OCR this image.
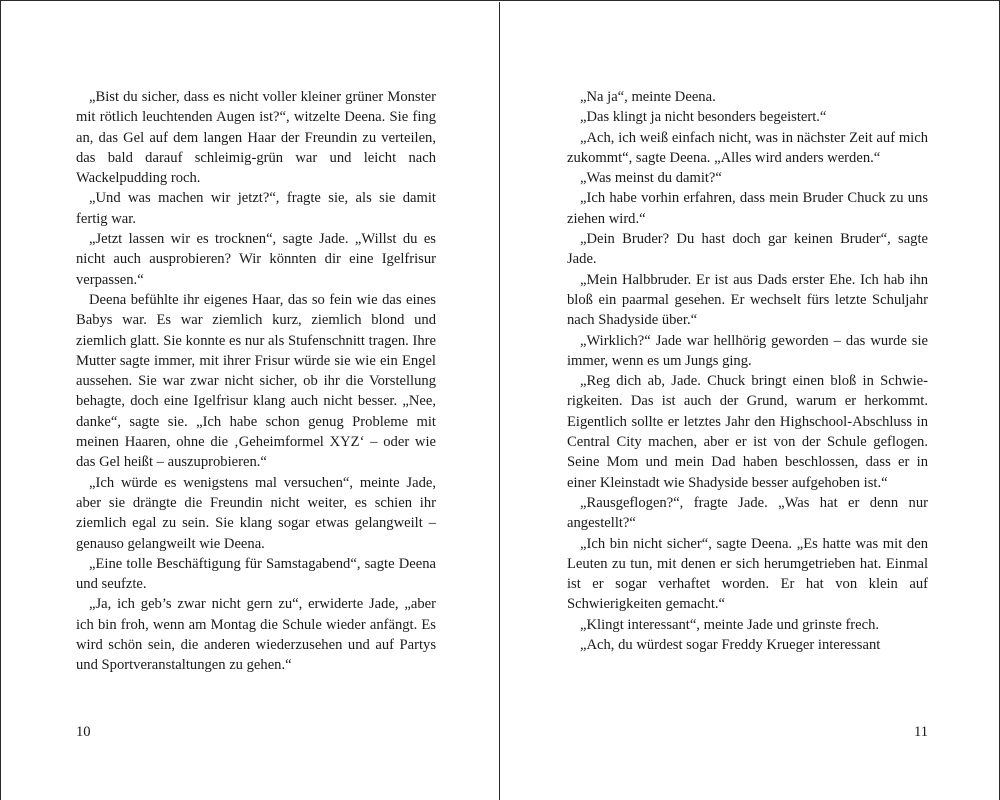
„Bist du sicher, dass es nicht voller kleiner grüner Monster mit rötlich leuchtenden Augen ist?“, witzelte Deena. Sie fing an, das Gel auf dem langen Haar der Freundin zu verteilen, das bald darauf schleimig-grün war und leicht nach Wackelpudding roch.

„Und was machen wir jetzt?“, fragte sie, als sie damit fertig war.

„Jetzt lassen wir es trocknen“, sagte Jade. „Willst du es nicht auch ausprobieren? Wir könnten dir eine Igelfrisur verpassen.“

Deena befühlte ihr eigenes Haar, das so fein wie das eines Babys war. Es war ziemlich kurz, ziemlich blond und ziemlich glatt. Sie konnte es nur als Stufenschnitt tragen. Ihre Mutter sagte immer, mit ihrer Frisur würde sie wie ein Engel aussehen. Sie war zwar nicht sicher, ob ihr die Vorstellung behagte, doch eine Igelfrisur klang auch nicht besser. „Nee, danke“, sagte sie. „Ich habe schon genug Probleme mit meinen Haaren, ohne die ‚Geheimformel XYZ‘ – oder wie das Gel heißt – auszuprobieren.“

„Ich würde es wenigstens mal versuchen“, meinte Jade, aber sie drängte die Freundin nicht weiter, es schien ihr ziemlich egal zu sein. Sie klang sogar etwas gelangweilt – genauso gelangweilt wie Deena.

„Eine tolle Beschäftigung für Samstagabend“, sagte Deena und seufzte.

„Ja, ich geb’s zwar nicht gern zu“, erwiderte Jade, „aber ich bin froh, wenn am Montag die Schule wieder anfängt. Es wird schön sein, die anderen wiederzusehen und auf Partys und Sportveranstaltungen zu gehen.“

10

„Na ja“, meinte Deena.

„Das klingt ja nicht besonders begeistert.“

„Ach, ich weiß einfach nicht, was in nächster Zeit auf mich zukommt“, sagte Deena. „Alles wird anders werden.“

„Was meinst du damit?“

„Ich habe vorhin erfahren, dass mein Bruder Chuck zu uns ziehen wird.“

„Dein Bruder? Du hast doch gar keinen Bruder“, sagte Jade.

„Mein Halbbruder. Er ist aus Dads erster Ehe. Ich hab ihn bloß ein paarmal gesehen. Er wechselt fürs letzte Schuljahr nach Shadyside über.“

„Wirklich?“ Jade war hellhörig geworden – das wurde sie immer, wenn es um Jungs ging.

„Reg dich ab, Jade. Chuck bringt einen bloß in Schwierigkeiten. Das ist auch der Grund, warum er herkommt. Eigentlich sollte er letztes Jahr den Highschool-Abschluss in Central City machen, aber er ist von der Schule geflogen. Seine Mom und mein Dad haben beschlossen, dass er in einer Kleinstadt wie Shadyside besser aufgehoben ist.“

„Rausgeflogen?“, fragte Jade. „Was hat er denn nur angestellt?“

„Ich bin nicht sicher“, sagte Deena. „Es hatte was mit den Leuten zu tun, mit denen er sich herumgetrieben hat. Einmal ist er sogar verhaftet worden. Er hat von klein auf Schwierigkeiten gemacht.“

„Klingt interessant“, meinte Jade und grinste frech.

„Ach, du würdest sogar Freddy Krueger interessant

11
